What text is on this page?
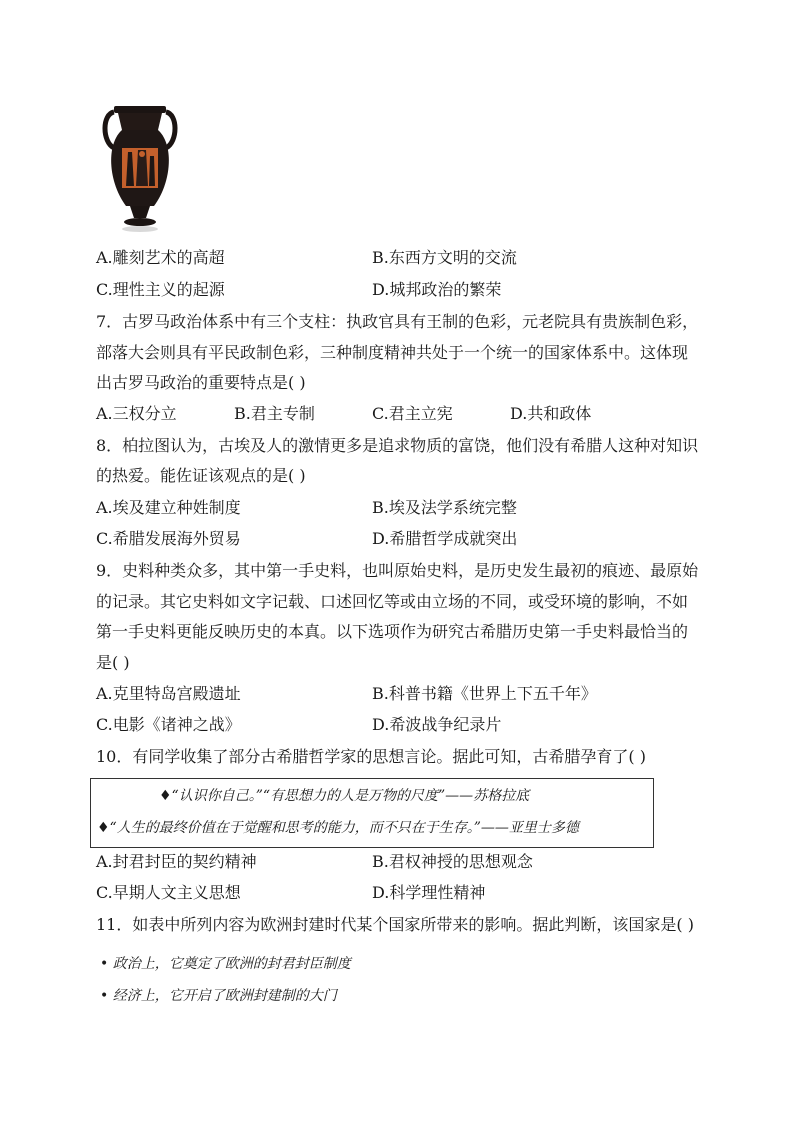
A.雕刻艺术的高超	B.东西方文明的交流
C.理性主义的起源	D.城邦政治的繁荣
7．古罗马政治体系中有三个支柱：执政官具有王制的色彩，元老院具有贵族制色彩，
部落大会则具有平民政制色彩，三种制度精神共处于一个统一的国家体系中。这体现
出古罗马政治的重要特点是( )
A.三权分立	B.君主专制	C.君主立宪	D.共和政体
8．柏拉图认为，古埃及人的激情更多是追求物质的富饶，他们没有希腊人这种对知识
的热爱。能佐证该观点的是( )
A.埃及建立种姓制度	B.埃及法学系统完整
C.希腊发展海外贸易	D.希腊哲学成就突出
9．史料种类众多，其中第一手史料，也叫原始史料，是历史发生最初的痕迹、最原始
的记录。其它史料如文字记载、口述回忆等或由立场的不同，或受环境的影响，不如
第一手史料更能反映历史的本真。以下选项作为研究古希腊历史第一手史料最恰当的
是( )
A.克里特岛宫殿遗址	B.科普书籍《世界上下五千年》
C.电影《诸神之战》	D.希波战争纪录片
10．有同学收集了部分古希腊哲学家的思想言论。据此可知，古希腊孕育了( )
♦“认识你自己。”“有思想力的人是万物的尺度”——苏格拉底
♦“人生的最终价值在于觉醒和思考的能力，而不只在于生存。”——亚里士多德
A.封君封臣的契约精神	B.君权神授的思想观念
C.早期人文主义思想	D.科学理性精神
11．如表中所列内容为欧洲封建时代某个国家所带来的影响。据此判断，该国家是( )
• 政治上，它奠定了欧洲的封君封臣制度
• 经济上，它开启了欧洲封建制的大门
